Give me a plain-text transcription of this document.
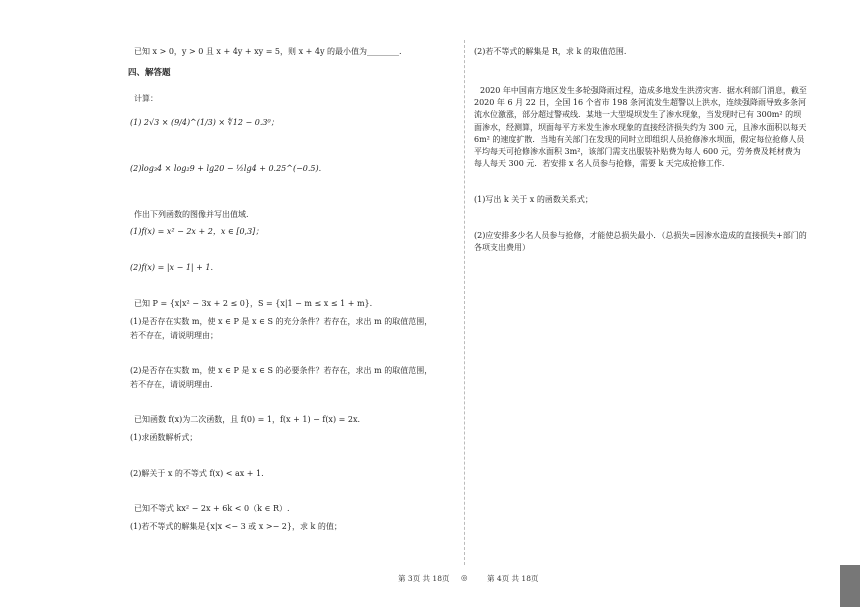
已知 x > 0，y > 0 且 x + 4y + xy = 5，则 x + 4y 的最小值为________.
四、解答题
计算：
(1) 2√3 × (9/4)^(1/3) × ∜12 − 0.3⁰；
(2)log₃4 × log₂9 + lg20 − ½lg4 + 0.25^(−0.5).
作出下列函数的图像并写出值域.
(1)f(x) = x² − 2x + 2，x ∈ [0,3]；
(2)f(x) = |x − 1| + 1.
已知 P = {x|x² − 3x + 2 ≤ 0}，S = {x|1 − m ≤ x ≤ 1 + m}.
(1)是否存在实数 m，使 x ∈ P 是 x ∈ S 的充分条件？若存在，求出 m 的取值范围，
若不存在，请说明理由；
(2)是否存在实数 m，使 x ∈ P 是 x ∈ S 的必要条件？若存在，求出 m 的取值范围，
若不存在，请说明理由.
已知函数 f(x)为二次函数，且 f(0) = 1，f(x + 1) − f(x) = 2x.
(1)求函数解析式；
(2)解关于 x 的不等式 f(x) < ax + 1.
已知不等式 kx² − 2x + 6k < 0（k ∈ R）.
(1)若不等式的解集是{x|x <− 3 或 x >− 2}，求 k 的值；
(2)若不等式的解集是 R，求 k 的取值范围.
2020 年中国南方地区发生多轮强降雨过程，造成多地发生洪涝灾害．据水利部门消息，截至 2020 年 6 月 22 日，全国 16 个省市 198 条河流发生超警以上洪水，连续强降雨导致多条河流水位激涨，部分超过警戒线．某地一大型堤坝发生了渗水现象，当发现时已有 300m² 的坝面渗水，经测算，坝面每平方米发生渗水现象的直接经济损失约为 300 元，且渗水面积以每天 6m² 的速度扩散．当地有关部门在发现的同时立即组织人员抢修渗水坝面，假定每位抢修人员平均每天可抢修渗水面积 3m²，该部门需支出服装补贴费为每人 600 元，劳务费及耗材费为每人每天 300 元．若安排 x 名人员参与抢修，需要 k 天完成抢修工作.
(1)写出 k 关于 x 的函数关系式；
(2)应安排多少名人员参与抢修，才能使总损失最小．（总损失=因渗水造成的直接损失+部门的各项支出费用）
第 3页 共 18页 ◎	第 4页 共 18页
